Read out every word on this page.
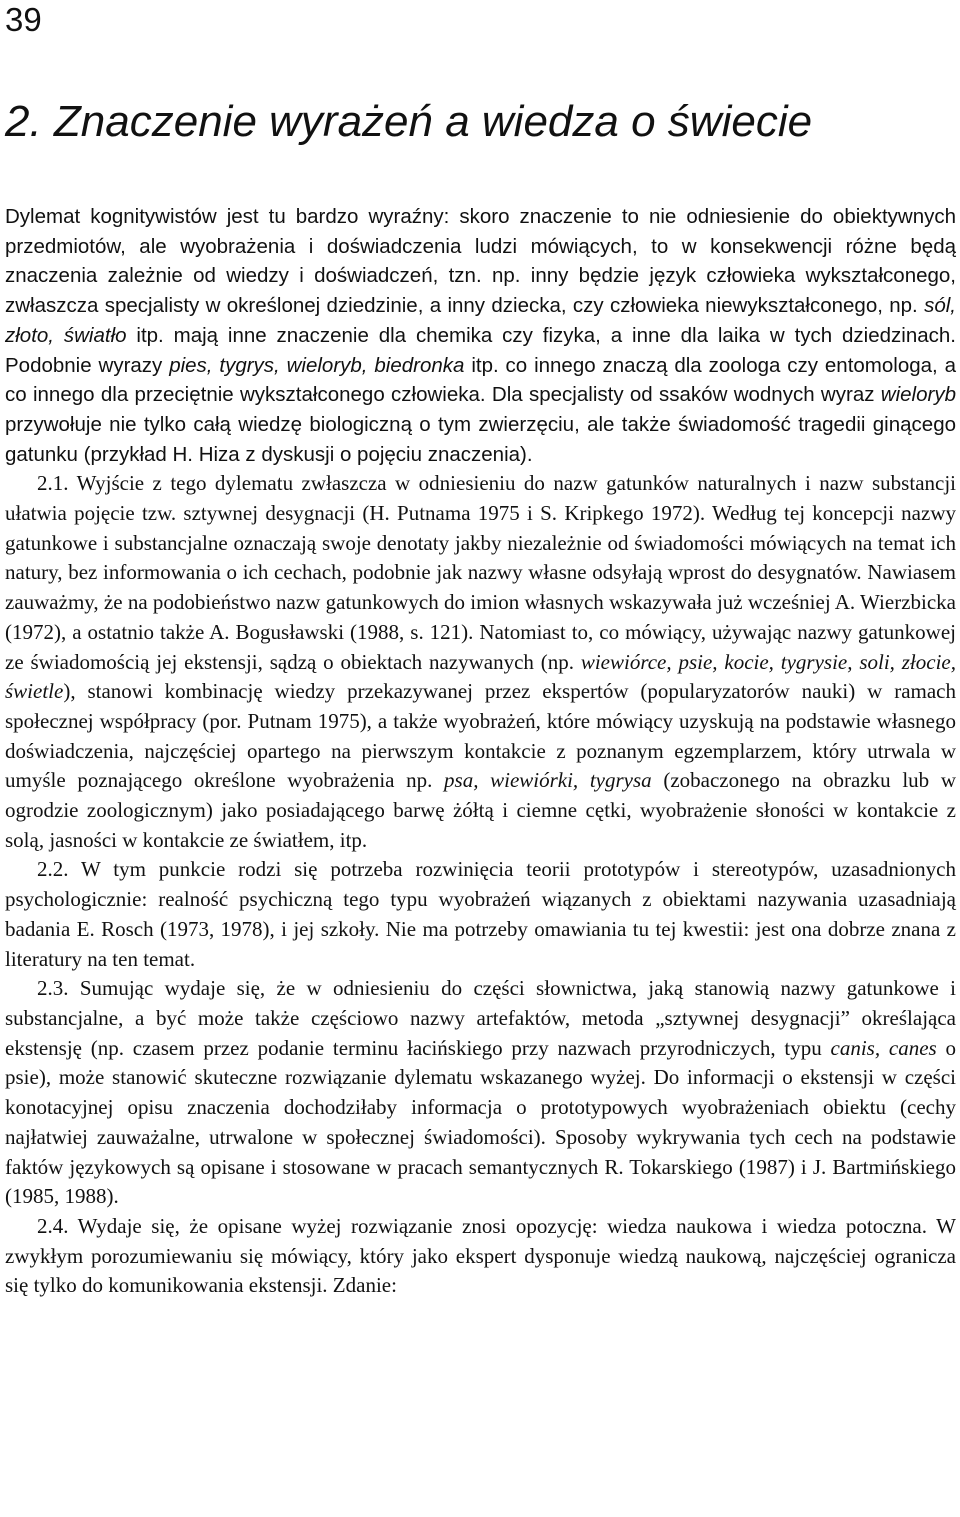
39
2. Znaczenie wyrażeń a wiedza o świecie

Dylemat kognitywistów jest tu bardzo wyraźny: skoro znaczenie to nie odniesienie do obiektywnych przedmiotów, ale wyobrażenia i doświadczenia ludzi mówiących, to w konsekwencji różne będą znaczenia zależnie od wiedzy i doświadczeń, tzn. np. inny będzie język człowieka wykształconego, zwłaszcza specjalisty w określonej dziedzinie, a inny dziecka, czy człowieka niewykształconego, np. sól, złoto, światło itp. mają inne znaczenie dla chemika czy fizyka, a inne dla laika w tych dziedzinach. Podobnie wyrazy pies, tygrys, wieloryb, biedronka itp. co innego znaczą dla zoologa czy entomologa, a co innego dla przeciętnie wykształconego człowieka. Dla specjalisty od ssaków wodnych wyraz wieloryb przywołuje nie tylko całą wiedzę biologiczną o tym zwierzęciu, ale także świadomość tragedii ginącego gatunku (przykład H. Hiza z dyskusji o pojęciu znaczenia).

2.1. Wyjście z tego dylematu zwłaszcza w odniesieniu do nazw gatunków naturalnych i nazw substancji ułatwia pojęcie tzw. sztywnej desygnacji (H. Putnama 1975 i S. Kripkego 1972). Według tej koncepcji nazwy gatunkowe i substancjalne oznaczają swoje denotaty jakby niezależnie od świadomości mówiących na temat ich natury, bez informowania o ich cechach, podobnie jak nazwy własne odsyłają wprost do desygnatów. Nawiasem zauważmy, że na podobieństwo nazw gatunkowych do imion własnych wskazywała już wcześniej A. Wierzbicka (1972), a ostatnio także A. Bogusławski (1988, s. 121). Natomiast to, co mówiący, używając nazwy gatunkowej ze świadomością jej ekstensji, sądzą o obiektach nazywanych (np. wiewiórce, psie, kocie, tygrysie, soli, złocie, świetle), stanowi kombinację wiedzy przekazywanej przez ekspertów (popularyzatorów nauki) w ramach społecznej współpracy (por. Putnam 1975), a także wyobrażeń, które mówiący uzyskują na podstawie własnego doświadczenia, najczęściej opartego na pierwszym kontakcie z poznanym egzemplarzem, który utrwala w umyśle poznającego określone wyobrażenia np. psa, wiewiórki, tygrysa (zobaczonego na obrazku lub w ogrodzie zoologicznym) jako posiadającego barwę żółtą i ciemne cętki, wyobrażenie słoności w kontakcie z solą, jasności w kontakcie ze światłem, itp.

2.2. W tym punkcie rodzi się potrzeba rozwinięcia teorii prototypów i stereotypów, uzasadnionych psychologicznie: realność psychiczną tego typu wyobrażeń wiązanych z obiektami nazywania uzasadniają badania E. Rosch (1973, 1978), i jej szkoły. Nie ma potrzeby omawiania tu tej kwestii: jest ona dobrze znana z literatury na ten temat.

2.3. Sumując wydaje się, że w odniesieniu do części słownictwa, jaką stanowią nazwy gatunkowe i substancjalne, a być może także częściowo nazwy artefaktów, metoda „sztywnej desygnacji” określająca ekstensję (np. czasem przez podanie terminu łacińskiego przy nazwach przyrodniczych, typu canis, canes o psie), może stanowić skuteczne rozwiązanie dylematu wskazanego wyżej. Do informacji o ekstensji w części konotacyjnej opisu znaczenia dochodziłaby informacja o prototypowych wyobrażeniach obiektu (cechy najłatwiej zauważalne, utrwalone w społecznej świadomości). Sposoby wykrywania tych cech na podstawie faktów językowych są opisane i stosowane w pracach semantycznych R. Tokarskiego (1987) i J. Bartmińskiego (1985, 1988).

2.4. Wydaje się, że opisane wyżej rozwiązanie znosi opozycję: wiedza naukowa i wiedza potoczna. W zwykłym porozumiewaniu się mówiący, który jako ekspert dysponuje wiedzą naukową, najczęściej ogranicza się tylko do komunikowania ekstensji. Zdanie:
